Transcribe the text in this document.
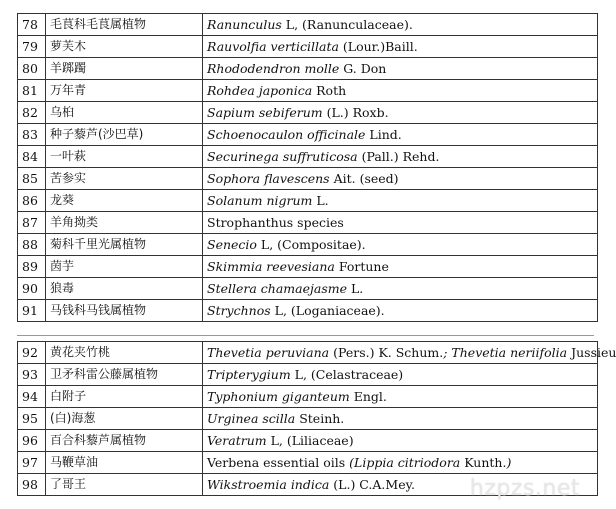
78	毛茛科毛茛属植物	Ranunculus L, (Ranunculaceae).
79	萝芙木	Rauvolfia verticillata (Lour.)Baill.
80	羊踯躅	Rhododendron molle G. Don
81	万年青	Rohdea japonica Roth
82	乌桕	Sapium sebiferum (L.) Roxb.
83	种子藜芦(沙巴草)	Schoenocaulon officinale Lind.
84	一叶萩	Securinega suffruticosa (Pall.) Rehd.
85	苦参实	Sophora flavescens Ait. (seed)
86	龙葵	Solanum nigrum L.
87	羊角拗类	Strophanthus species
88	菊科千里光属植物	Senecio L, (Compositae).
89	茵芋	Skimmia reevesiana Fortune
90	狼毒	Stellera chamaejasme L.
91	马钱科马钱属植物	Strychnos L, (Loganiaceae).
92	黄花夹竹桃	Thevetia peruviana (Pers.) K. Schum.; Thevetia neriifolia Jussieu
93	卫矛科雷公藤属植物	Tripterygium L, (Celastraceae)
94	白附子	Typhonium giganteum Engl.
95	(白)海葱	Urginea scilla Steinh.
96	百合科藜芦属植物	Veratrum L, (Liliaceae)
97	马鞭草油	Verbena essential oils (Lippia citriodora Kunth.)
98	了哥王	Wikstroemia indica (L.) C.A.Mey. hzpzs.net
